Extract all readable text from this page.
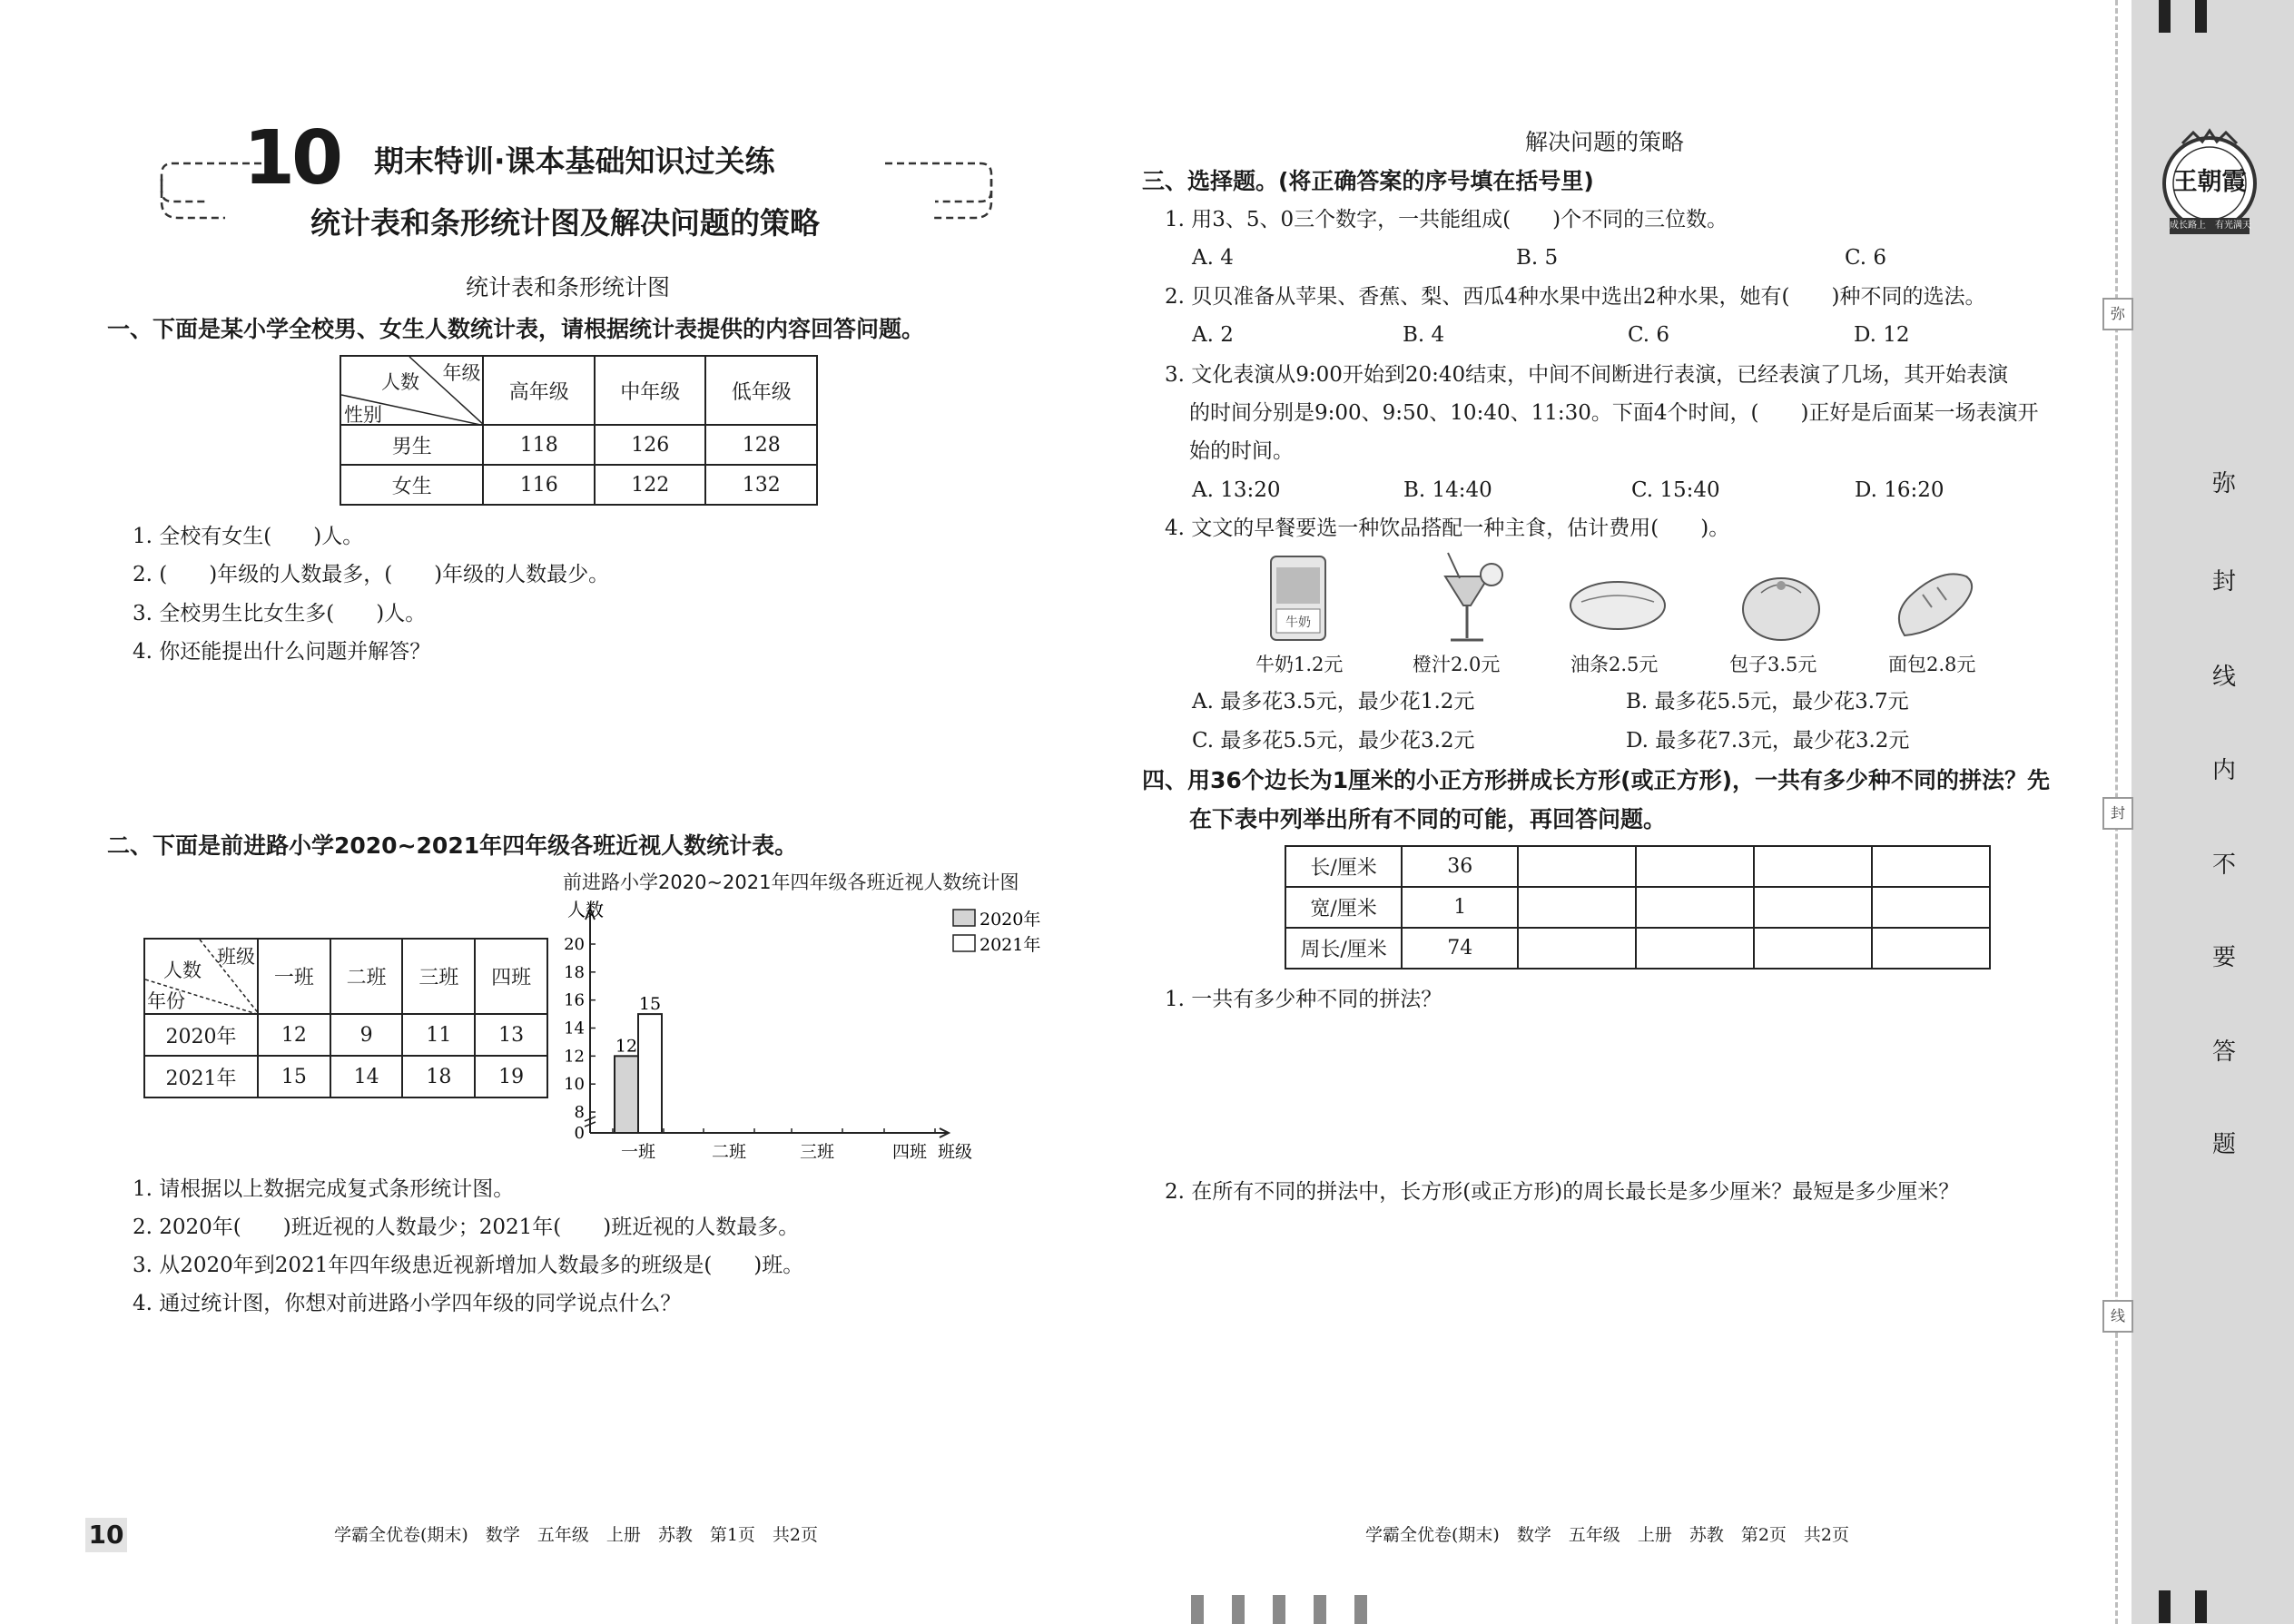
10 期末特训·课本基础知识过关练
统计表和条形统计图及解决问题的策略
统计表和条形统计图
一、下面是某小学全校男、女生人数统计表，请根据统计表提供的内容回答问题。
年级
人数
性别	高年级	中年级	低年级
男生	118	126	128
女生	116	122	132
1. 全校有女生(　　)人。
2. (　　)年级的人数最多，(　　)年级的人数最少。
3. 全校男生比女生多(　　)人。
4. 你还能提出什么问题并解答？
二、下面是前进路小学2020~2021年四年级各班近视人数统计表。
班级
人数
年份	一班	二班	三班	四班
2020年	12	9	11	13
2021年	15	14	18	19
前进路小学2020~2021年四年级各班近视人数统计图
人数
班级
0
8
10
12
14
16
18
20
一班	二班	三班	四班
12
15
2020年
2021年
1. 请根据以上数据完成复式条形统计图。
2. 2020年(　　)班近视的人数最少；2021年(　　)班近视的人数最多。
3. 从2020年到2021年四年级患近视新增加人数最多的班级是(　　)班。
4. 通过统计图，你想对前进路小学四年级的同学说点什么？
解决问题的策略
三、选择题。(将正确答案的序号填在括号里)
1. 用3、5、0三个数字，一共能组成(　　)个不同的三位数。
A. 4	B. 5	C. 6
2. 贝贝准备从苹果、香蕉、梨、西瓜4种水果中选出2种水果，她有(　　)种不同的选法。
A. 2	B. 4	C. 6	D. 12
3. 文化表演从9:00开始到20:40结束，中间不间断进行表演，已经表演了几场，其开始表演
的时间分别是9:00、9:50、10:40、11:30。下面4个时间，(　　)正好是后面某一场表演开
始的时间。
A. 13:20	B. 14:40	C. 15:40	D. 16:20
4. 文文的早餐要选一种饮品搭配一种主食，估计费用(　　)。
牛奶
牛奶1.2元	橙汁2.0元	油条2.5元	包子3.5元	面包2.8元
A. 最多花3.5元，最少花1.2元	B. 最多花5.5元，最少花3.7元
C. 最多花5.5元，最少花3.2元	D. 最多花7.3元，最少花3.2元
四、用36个边长为1厘米的小正方形拼成长方形(或正方形)，一共有多少种不同的拼法？先
在下表中列举出所有不同的可能，再回答问题。
长/厘米	36				
宽/厘米	1				
周长/厘米	74				
1. 一共有多少种不同的拼法？
2. 在所有不同的拼法中，长方形(或正方形)的周长最长是多少厘米？最短是多少厘米？
10	学霸全优卷(期末)　数学　五年级　上册　苏教　第1页　共2页	学霸全优卷(期末)　数学　五年级　上册　苏教　第2页　共2页
王朝霞
成长路上　有光满天
弥
封
线
内
不
要
答
题
弥
封
线
